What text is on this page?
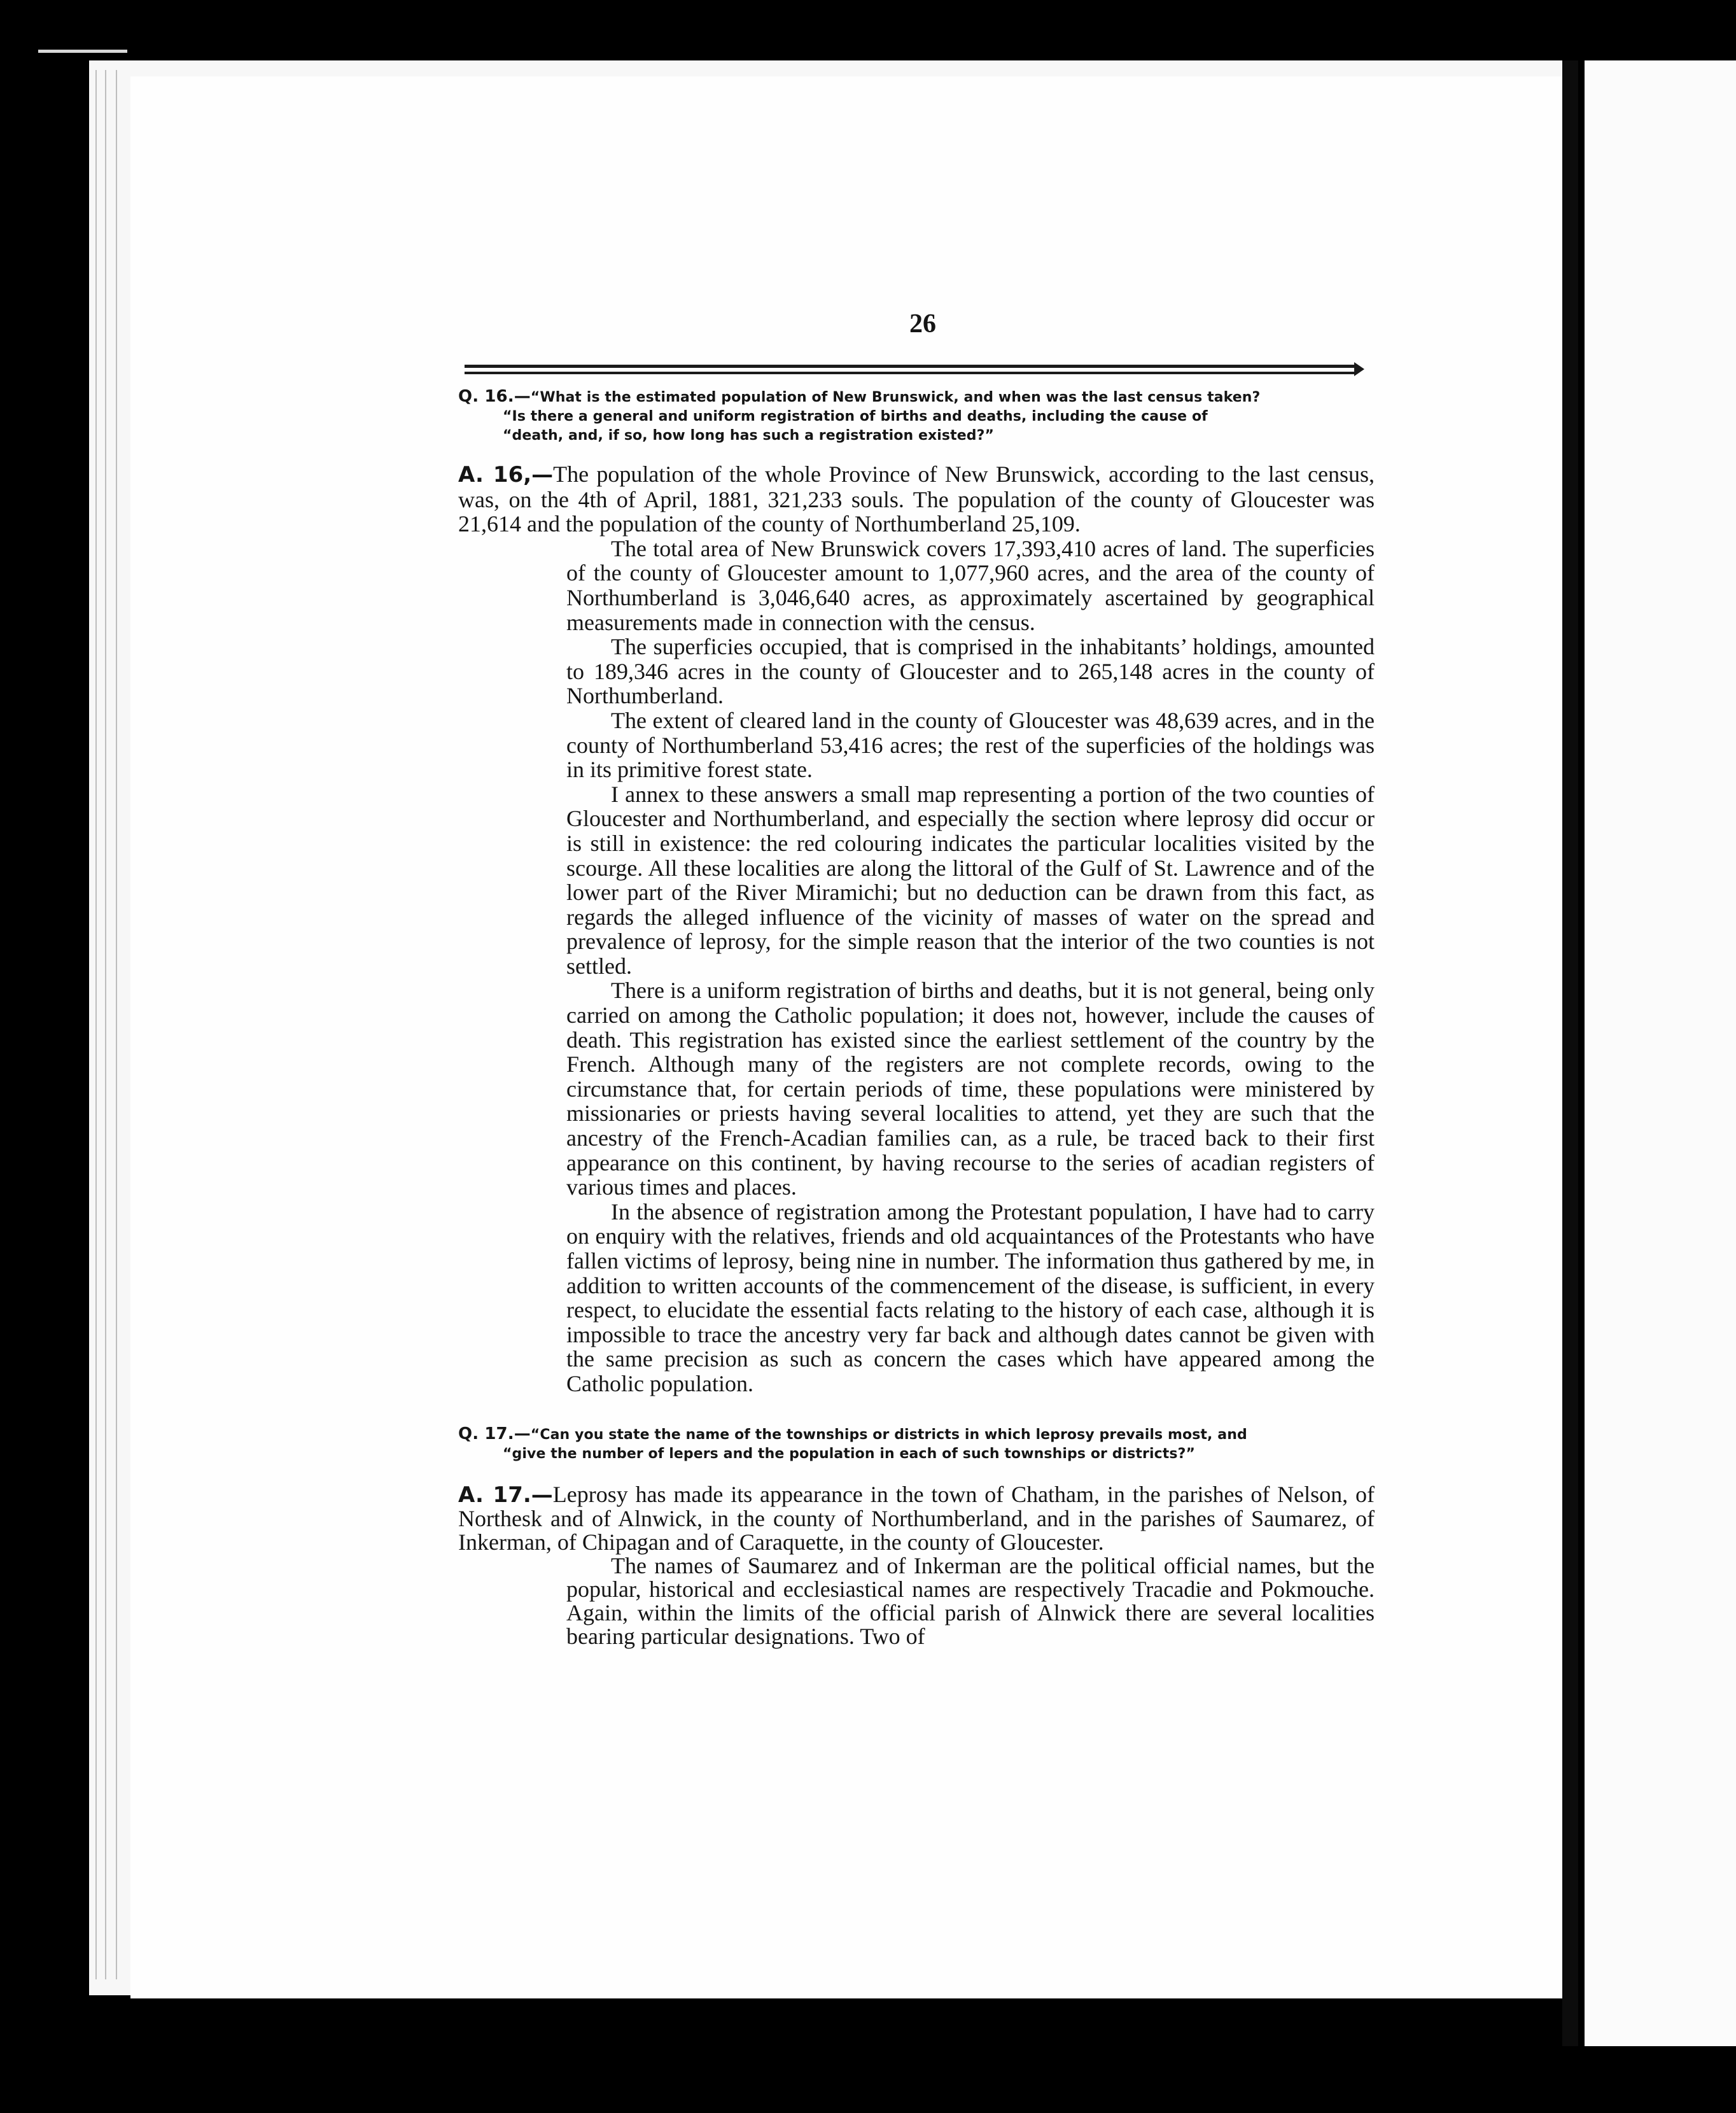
26
Q. 16.—“What is the estimated population of New Brunswick, and when was the last census taken?
“Is there a general and uniform registration of births and deaths, including the cause of
“death, and, if so, how long has such a registration existed?”

A. 16,—The population of the whole Province of New Brunswick, according to the last census, was, on the 4th of April, 1881, 321,233 souls. The population of the county of Gloucester was 21,614 and the population of the county of Northumberland 25,109.

The total area of New Brunswick covers 17,393,410 acres of land. The superficies of the county of Gloucester amount to 1,077,960 acres, and the area of the county of Northumberland is 3,046,640 acres, as approximately ascertained by geographical measurements made in connection with the census.

The superficies occupied, that is comprised in the inhabitants’ holdings, amounted to 189,346 acres in the county of Gloucester and to 265,148 acres in the county of Northumberland.

The extent of cleared land in the county of Gloucester was 48,639 acres, and in the county of Northumberland 53,416 acres; the rest of the superficies of the holdings was in its primitive forest state.

I annex to these answers a small map representing a portion of the two counties of Gloucester and Northumberland, and especially the section where leprosy did occur or is still in existence: the red colouring indicates the particular localities visited by the scourge. All these localities are along the littoral of the Gulf of St. Lawrence and of the lower part of the River Miramichi; but no deduction can be drawn from this fact, as regards the alleged influence of the vicinity of masses of water on the spread and prevalence of leprosy, for the simple reason that the interior of the two counties is not settled.

There is a uniform registration of births and deaths, but it is not general, being only carried on among the Catholic population; it does not, however, include the causes of death. This registration has existed since the earliest settlement of the country by the French. Although many of the registers are not complete records, owing to the circumstance that, for certain periods of time, these populations were ministered by missionaries or priests having several localities to attend, yet they are such that the ancestry of the French-Acadian families can, as a rule, be traced back to their first appearance on this continent, by having recourse to the series of acadian registers of various times and places.

In the absence of registration among the Protestant population, I have had to carry on enquiry with the relatives, friends and old acquaintances of the Protestants who have fallen victims of leprosy, being nine in number. The information thus gathered by me, in addition to written accounts of the commencement of the disease, is sufficient, in every respect, to elucidate the essential facts relating to the history of each case, although it is impossible to trace the ancestry very far back and although dates cannot be given with the same precision as such as concern the cases which have appeared among the Catholic population.

Q. 17.—“Can you state the name of the townships or districts in which leprosy prevails most, and
“give the number of lepers and the population in each of such townships or districts?”

A. 17.—Leprosy has made its appearance in the town of Chatham, in the parishes of Nelson, of Northesk and of Alnwick, in the county of Northumberland, and in the parishes of Saumarez, of Inkerman, of Chipagan and of Caraquette, in the county of Gloucester.

The names of Saumarez and of Inkerman are the political official names, but the popular, historical and ecclesiastical names are respectively Tracadie and Pokmouche. Again, within the limits of the official parish of Alnwick there are several localities bearing particular designations. Two of
